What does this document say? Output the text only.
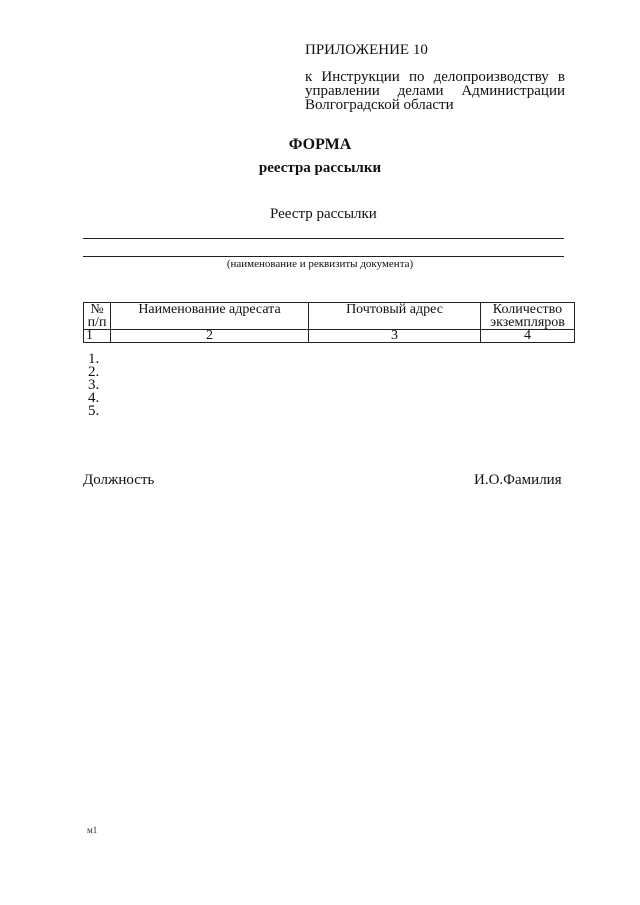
ПРИЛОЖЕНИЕ 10
к Инструкции по делопроизводству в управлении делами Администрации Волгоградской области
ФОРМА
реестра рассылки
Реестр рассылки
(наименование и реквизиты документа)
№ п/п	Наименование адресата	Почтовый адрес	Количество экземпляров
1	2	3	4
1.
2.
3.
4.
5.
Должность	И.О.Фамилия
м1
